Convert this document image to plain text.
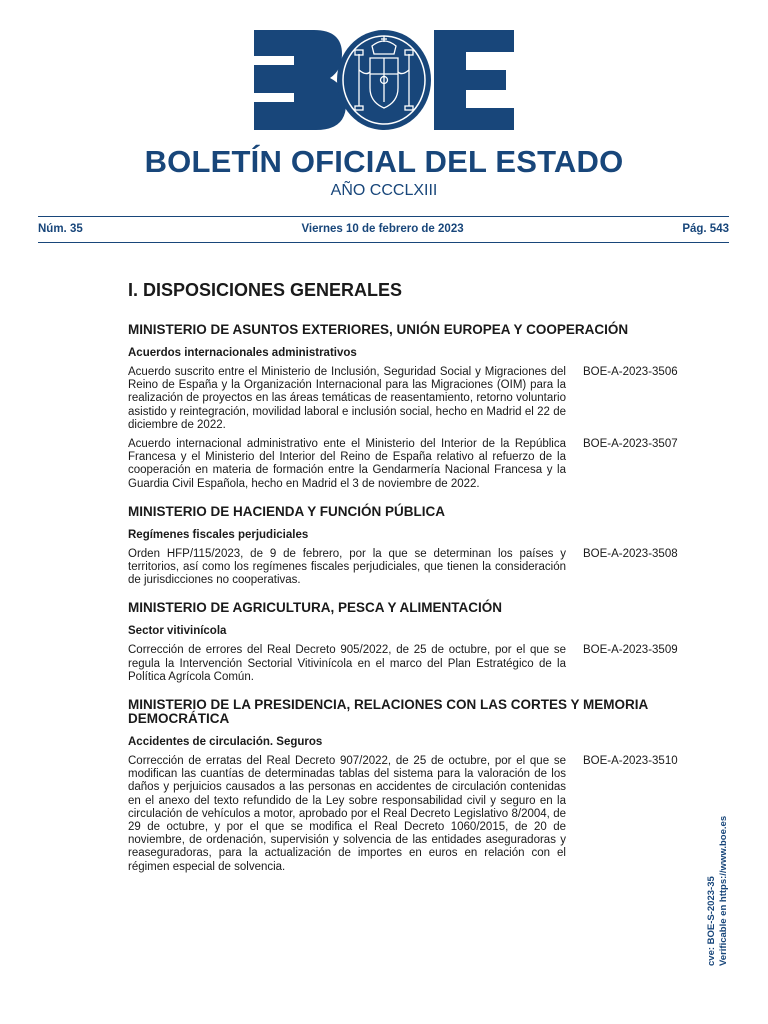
BOLETÍN OFICIAL DEL ESTADO
AÑO CCCLXIII
Núm. 35	Viernes 10 de febrero de 2023	Pág. 543
I. DISPOSICIONES GENERALES
MINISTERIO DE ASUNTOS EXTERIORES, UNIÓN EUROPEA Y COOPERACIÓN
Acuerdos internacionales administrativos
Acuerdo suscrito entre el Ministerio de Inclusión, Seguridad Social y Migraciones del Reino de España y la Organización Internacional para las Migraciones (OIM) para la realización de proyectos en las áreas temáticas de reasentamiento, retorno voluntario asistido y reintegración, movilidad laboral e inclusión social, hecho en Madrid el 22 de diciembre de 2022.
BOE-A-2023-3506
Acuerdo internacional administrativo ente el Ministerio del Interior de la República Francesa y el Ministerio del Interior del Reino de España relativo al refuerzo de la cooperación en materia de formación entre la Gendarmería Nacional Francesa y la Guardia Civil Española, hecho en Madrid el 3 de noviembre de 2022.
BOE-A-2023-3507
MINISTERIO DE HACIENDA Y FUNCIÓN PÚBLICA
Regímenes fiscales perjudiciales
Orden HFP/115/2023, de 9 de febrero, por la que se determinan los países y territorios, así como los regímenes fiscales perjudiciales, que tienen la consideración de jurisdicciones no cooperativas.
BOE-A-2023-3508
MINISTERIO DE AGRICULTURA, PESCA Y ALIMENTACIÓN
Sector vitivinícola
Corrección de errores del Real Decreto 905/2022, de 25 de octubre, por el que se regula la Intervención Sectorial Vitivinícola en el marco del Plan Estratégico de la Política Agrícola Común.
BOE-A-2023-3509
MINISTERIO DE LA PRESIDENCIA, RELACIONES CON LAS CORTES Y MEMORIA DEMOCRÁTICA
Accidentes de circulación. Seguros
Corrección de erratas del Real Decreto 907/2022, de 25 de octubre, por el que se modifican las cuantías de determinadas tablas del sistema para la valoración de los daños y perjuicios causados a las personas en accidentes de circulación contenidas en el anexo del texto refundido de la Ley sobre responsabilidad civil y seguro en la circulación de vehículos a motor, aprobado por el Real Decreto Legislativo 8/2004, de 29 de octubre, y por el que se modifica el Real Decreto 1060/2015, de 20 de noviembre, de ordenación, supervisión y solvencia de las entidades aseguradoras y reaseguradoras, para la actualización de importes en euros en relación con el régimen especial de solvencia.
BOE-A-2023-3510
cve: BOE-S-2023-35 Verificable en https://www.boe.es
